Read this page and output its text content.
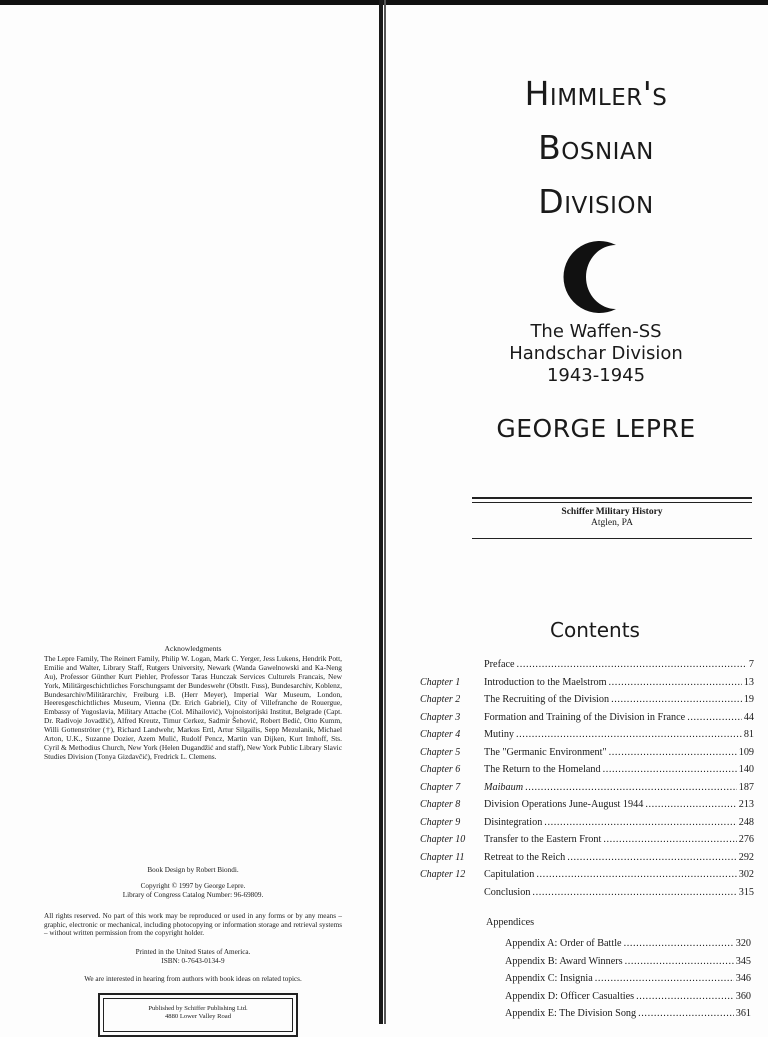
Acknowledgments
The Lepre Family, The Reinert Family, Philip W. Logan, Mark C. Yerger, Jess Lukens, Hendrik Pott, Emilie and Walter, Library Staff, Rutgers University, Newark (Wanda Gawelnowski and Ka-Neng Au), Professor Günther Kurt Piehler, Professor Taras Hunczak Services Culturels Francais, New York, Militärgeschichtliches Forschungsamt der Bundeswehr (Obstlt. Fuss), Bundesarchiv, Koblenz, Bundesarchiv/Militärarchiv, Freiburg i.B. (Herr Meyer), Imperial War Museum, London, Heeresgeschichtliches Museum, Vienna (Dr. Erich Gabriel), City of Villefranche de Rouergue, Embassy of Yugoslavia, Military Attache (Col. Mihailović), Vojnoistorijski Institut, Belgrade (Capt. Dr. Radivoje Jovadžić), Alfred Kreutz, Timur Cerkez, Sadmir Šehović, Robert Bedić, Otto Kumm, Willi Gottenströter (†), Richard Landwehr, Markus Ertl, Artur Silgailis, Sepp Mezulanik, Michael Arton, U.K., Suzanne Dozier, Azem Mulić, Rudolf Pencz, Martin van Dijken, Kurt Imhoff, Sts. Cyril & Methodius Church, New York (Helen Dugandžić and staff), New York Public Library Slavic Studies Division (Tonya Gizdavčić), Fredrick L. Clemens.
Book Design by Robert Biondi.
Copyright © 1997 by George Lepre.
Library of Congress Catalog Number: 96-69809.
All rights reserved. No part of this work may be reproduced or used in any forms or by any means – graphic, electronic or mechanical, including photocopying or information storage and retrieval systems – without written permission from the copyright holder.
Printed in the United States of America.
ISBN: 0-7643-0134-9
We are interested in hearing from authors with book ideas on related topics.
Published by Schiffer Publishing Ltd.
4880 Lower Valley Road
Himmler's
Bosnian
Division
The Waffen-SS
Handschar Division
1943-1945
GEORGE LEPRE
Schiffer Military History
Atglen, PA
Contents
Preface .....	7
Chapter 1 Introduction to the Maelstrom .....	13
Chapter 2 The Recruiting of the Division .....	19
Chapter 3 Formation and Training of the Division in France .....	44
Chapter 4 Mutiny .....	81
Chapter 5 The "Germanic Environment" .....	109
Chapter 6 The Return to the Homeland .....	140
Chapter 7 Maibaum .....	187
Chapter 8 Division Operations June-August 1944 .....	213
Chapter 9 Disintegration .....	248
Chapter 10 Transfer to the Eastern Front .....	276
Chapter 11 Retreat to the Reich .....	292
Chapter 12 Capitulation .....	302
Conclusion .....	315
Appendices
Appendix A: Order of Battle .....	320
Appendix B: Award Winners .....	345
Appendix C: Insignia .....	346
Appendix D: Officer Casualties .....	360
Appendix E: The Division Song .....	361
